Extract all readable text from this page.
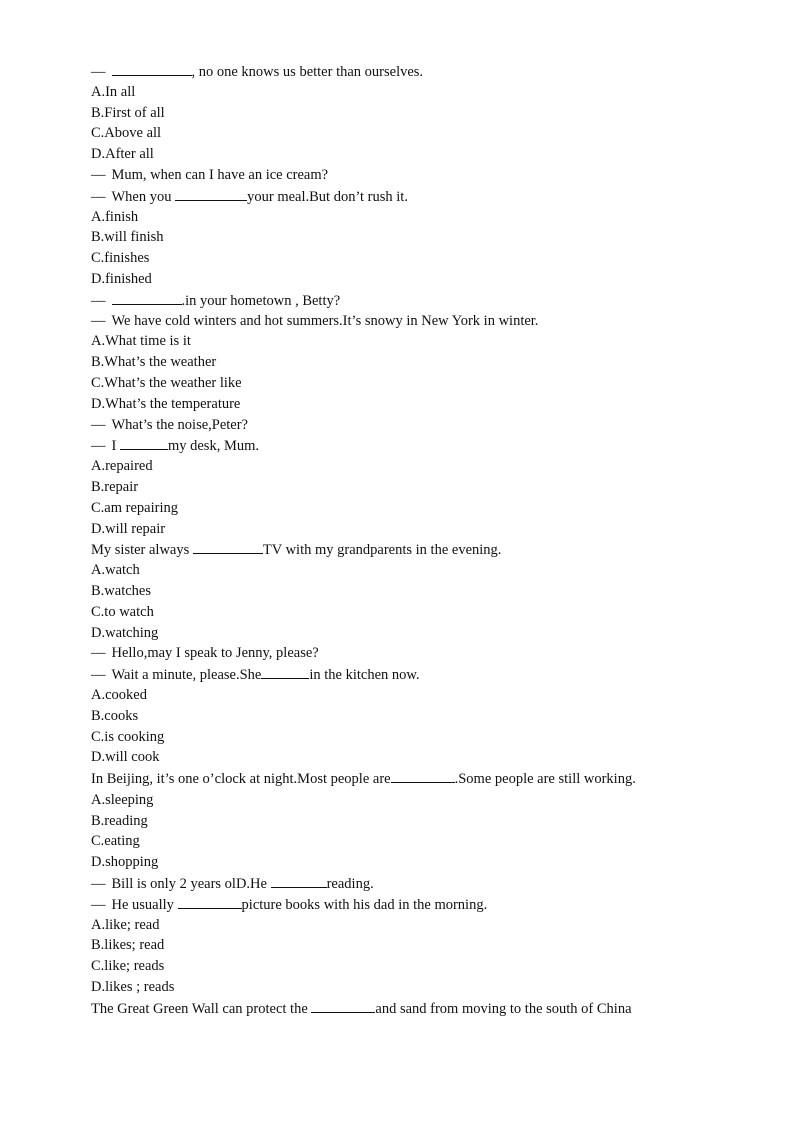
—	, no one knows us better than ourselves.
A.In all
B.First of all
C.Above all
D.After all
— Mum, when can I have an ice cream?
— When you	your meal.But don’t rush it.
A.finish
B.will finish
C.finishes
D.finished
—	.in your hometown , Betty?
— We have cold winters and hot summers.It’s snowy in New York in winter.
A.What time is it
B.What’s the weather
C.What’s the weather like
D.What’s the temperature
— What’s the noise,Peter?
— I	my desk, Mum.
A.repaired
B.repair
C.am repairing
D.will repair
My sister always	TV with my grandparents in the evening.
A.watch
B.watches
C.to watch
D.watching
— Hello,may I speak to Jenny, please?
— Wait a minute, please.She	in the kitchen now.
A.cooked
B.cooks
C.is cooking
D.will cook
In Beijing, it’s one o’clock at night.Most people are	.Some people are still working.
A.sleeping
B.reading
C.eating
D.shopping
— Bill is only 2 years olD.He	reading.
— He usually	picture books with his dad in the morning.
A.like; read
B.likes; read
C.like; reads
D.likes ; reads
The Great Green Wall can protect the	and sand from moving to the south of China
